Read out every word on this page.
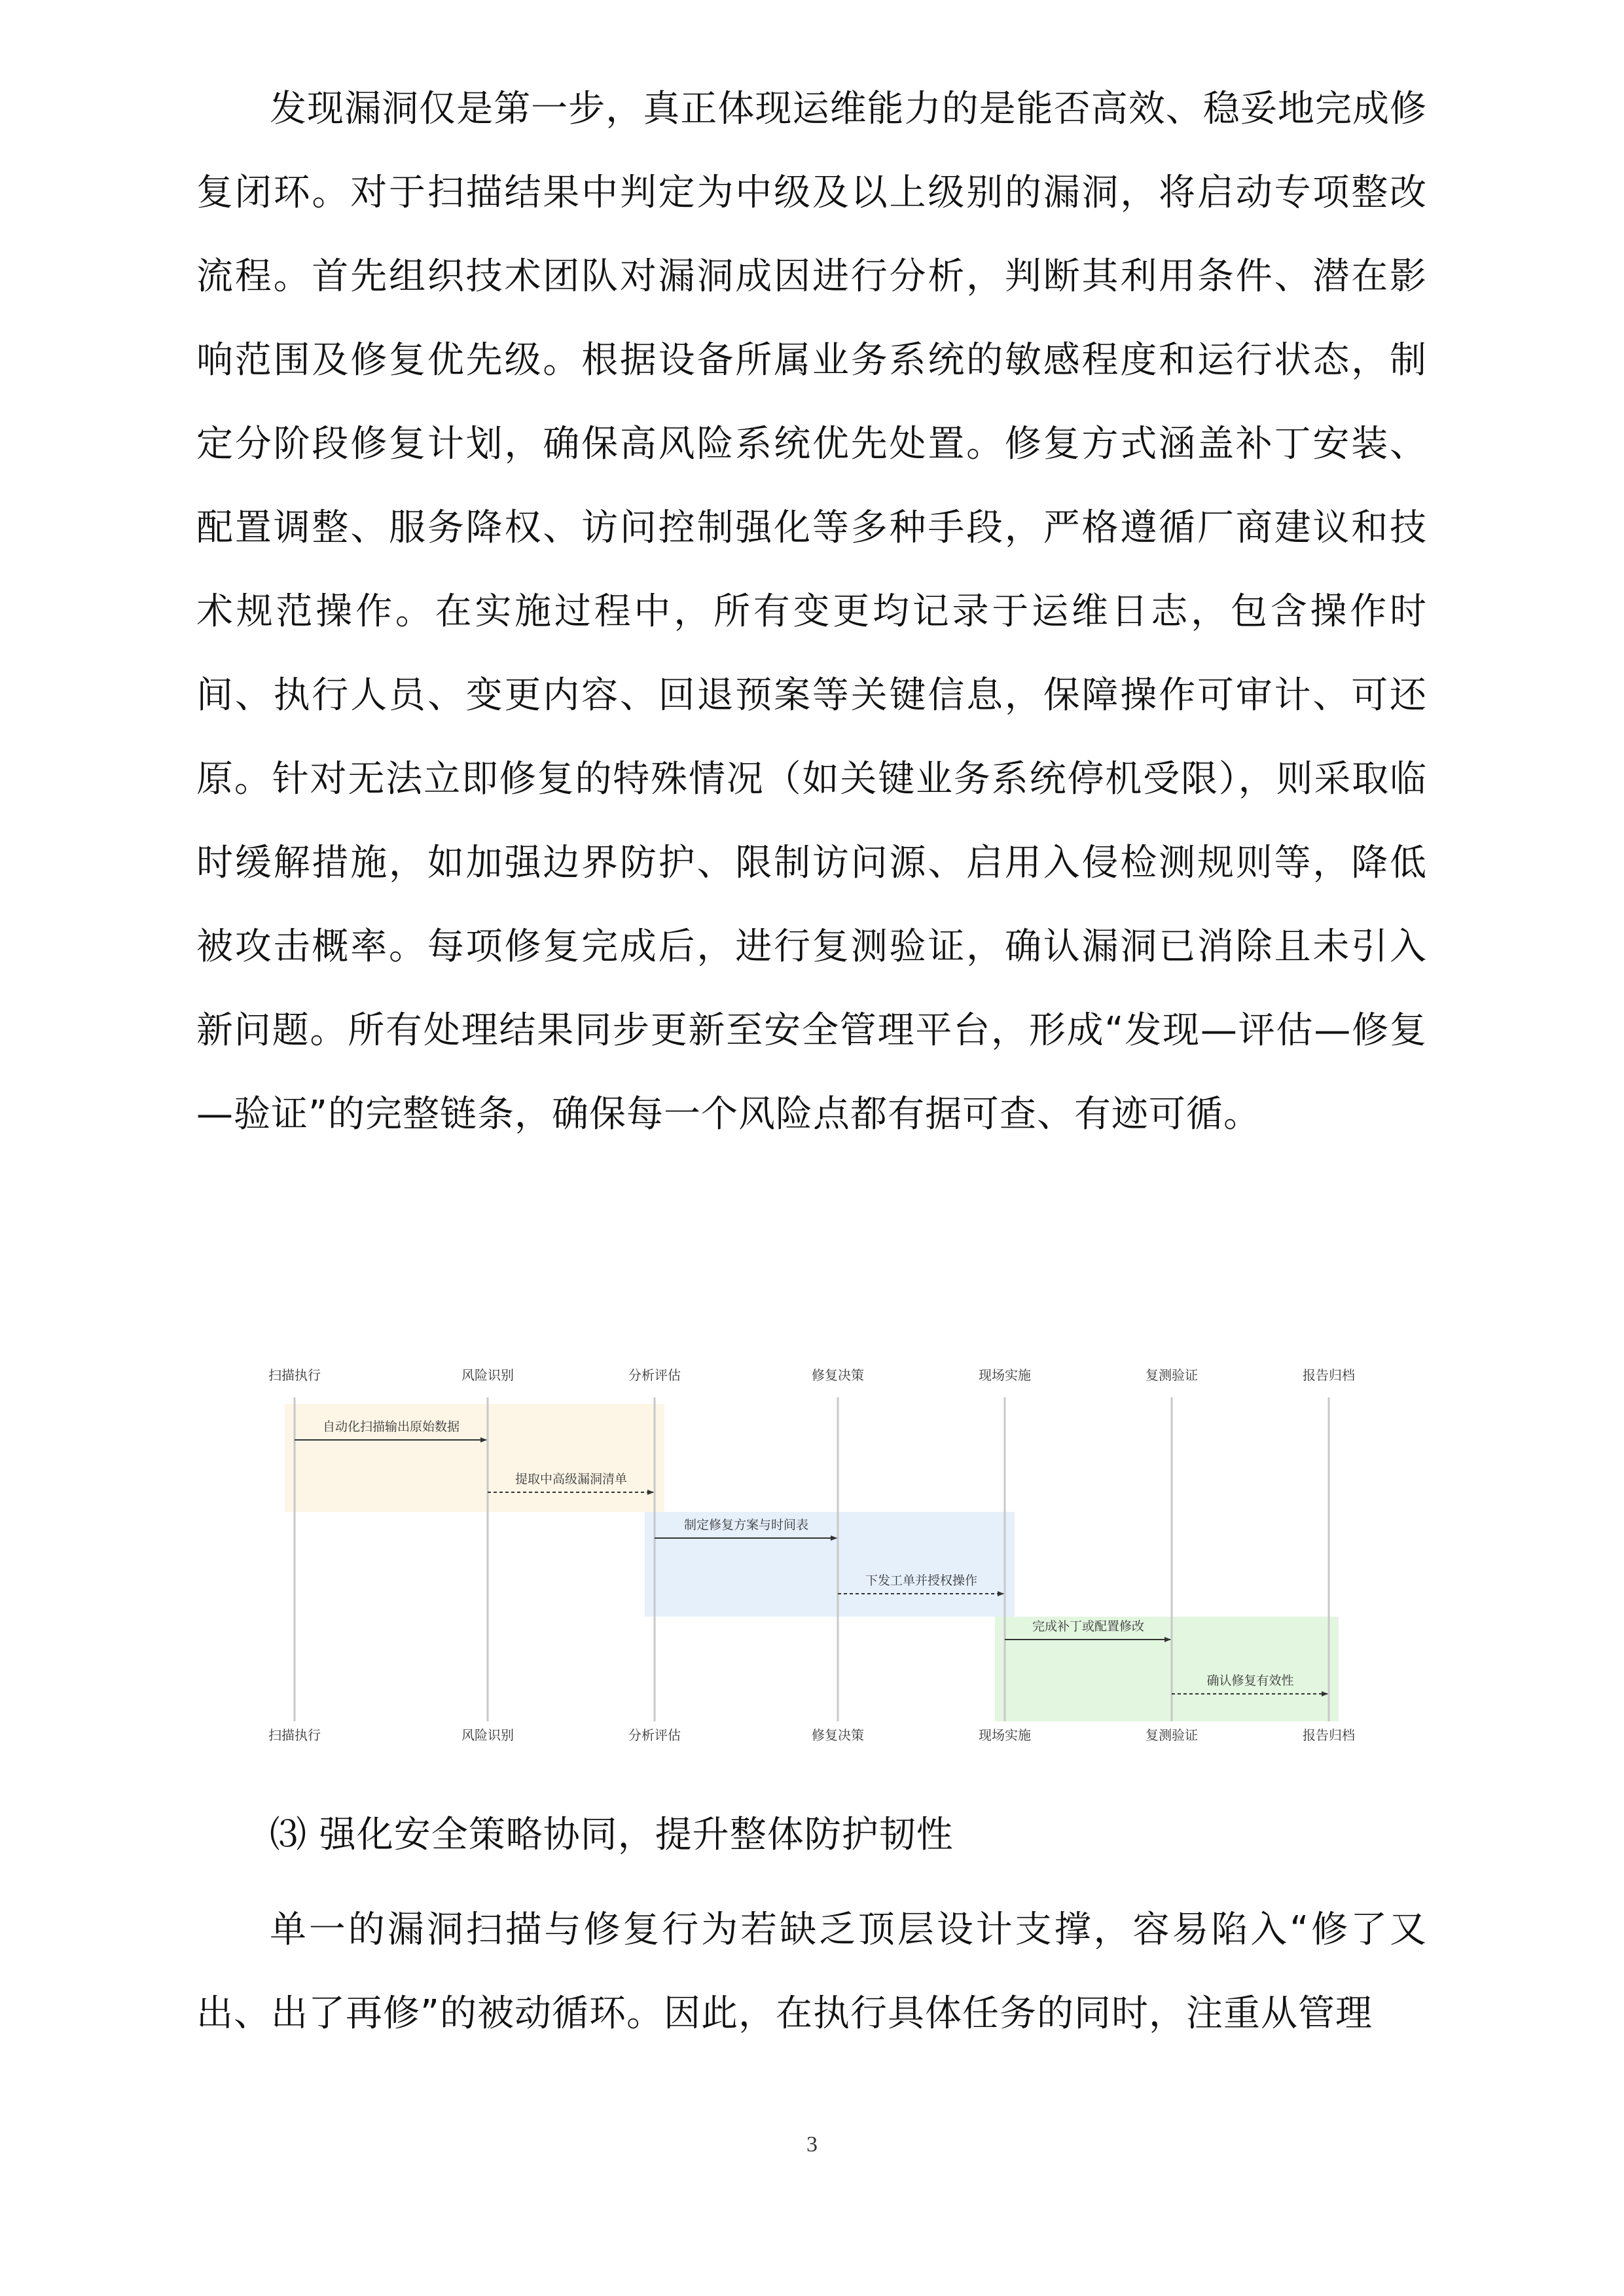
发现漏洞仅是第一步，真正体现运维能力的是能否高效、稳妥地完成修复闭环。对于扫描结果中判定为中级及以上级别的漏洞，将启动专项整改流程。首先组织技术团队对漏洞成因进行分析，判断其利用条件、潜在影响范围及修复优先级。根据设备所属业务系统的敏感程度和运行状态，制定分阶段修复计划，确保高风险系统优先处置。修复方式涵盖补丁安装、配置调整、服务降权、访问控制强化等多种手段，严格遵循厂商建议和技术规范操作。在实施过程中，所有变更均记录于运维日志，包含操作时间、执行人员、变更内容、回退预案等关键信息，保障操作可审计、可还原。针对无法立即修复的特殊情况（如关键业务系统停机受限），则采取临时缓解措施，如加强边界防护、限制访问源、启用入侵检测规则等，降低被攻击概率。每项修复完成后，进行复测验证，确认漏洞已消除且未引入新问题。所有处理结果同步更新至安全管理平台，形成“发现—评估—修复—验证”的完整链条，确保每一个风险点都有据可查、有迹可循。

自动化扫描输出原始数据
提取中高级漏洞清单
制定修复方案与时间表
下发工单并授权操作
完成补丁或配置修改
确认修复有效性
扫描执行
扫描执行
风险识别
风险识别
分析评估
分析评估
修复决策
修复决策
现场实施
现场实施
复测验证
复测验证
报告归档
报告归档

⑶ 强化安全策略协同，提升整体防护韧性

单一的漏洞扫描与修复行为若缺乏顶层设计支撑，容易陷入“修了又出、出了再修”的被动循环。因此，在执行具体任务的同时，注重从管理

3
